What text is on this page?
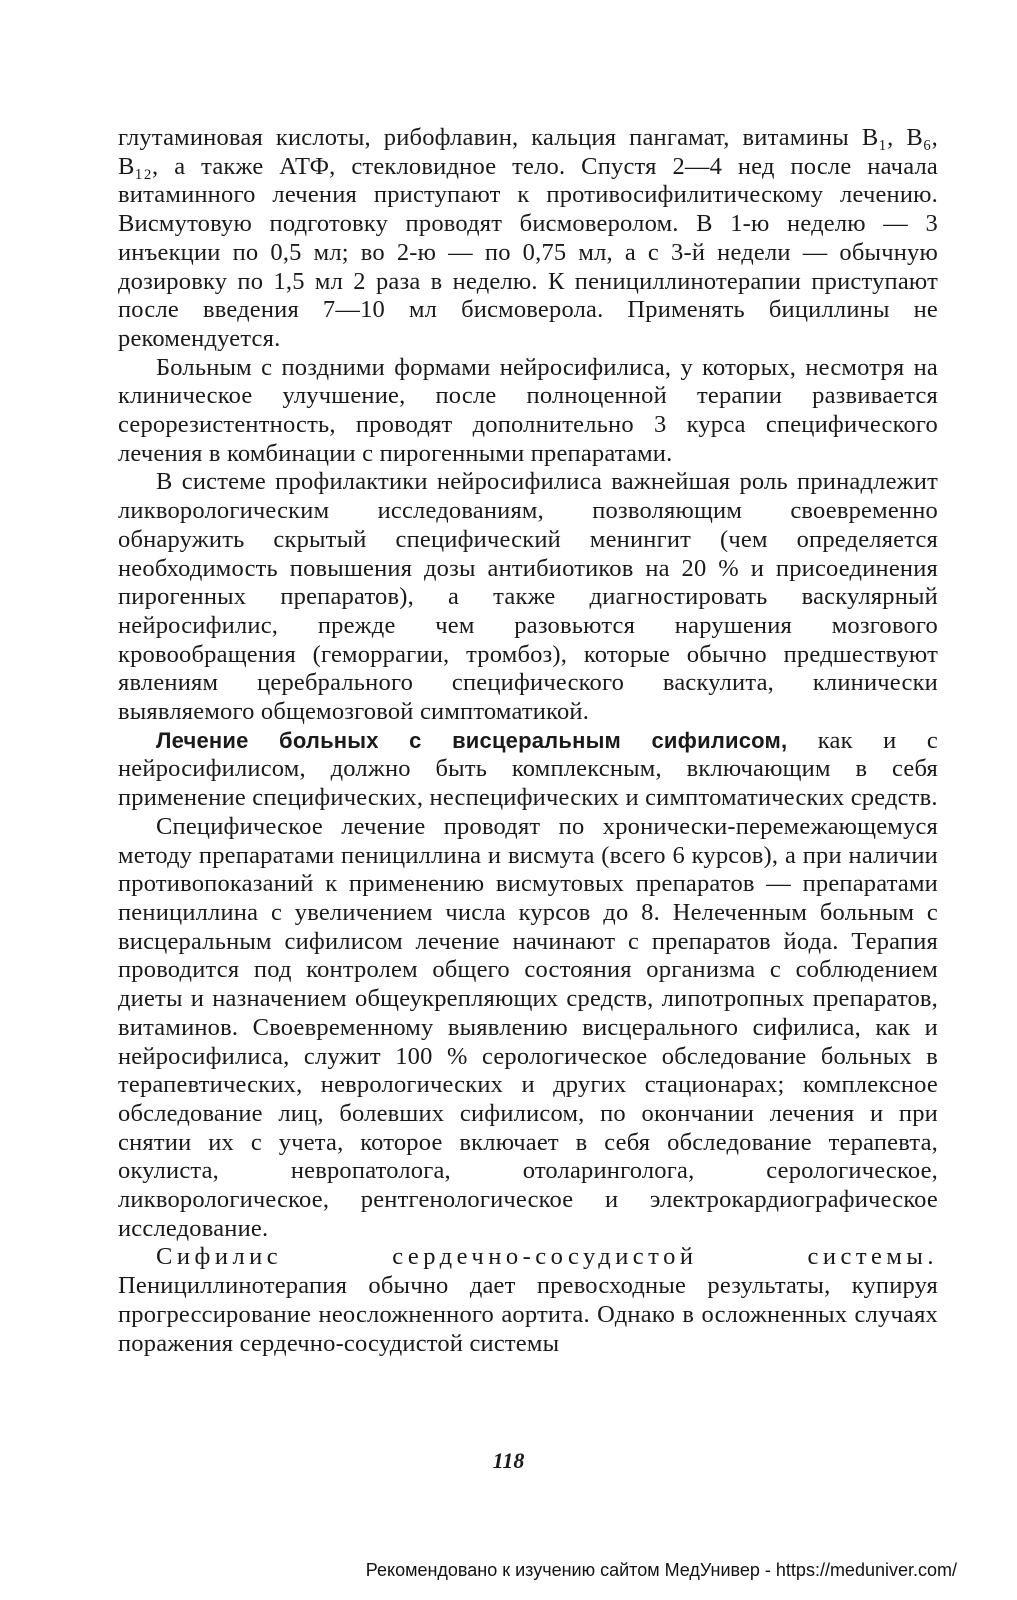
глутаминовая кислоты, рибофлавин, кальция пангамат, витамины B₁, B₆, B₁₂, а также АТФ, стекловидное тело. Спустя 2—4 нед после начала витаминного лечения приступают к противосифилитическому лечению. Висмутовую подготовку проводят бисмоверолом. В 1-ю неделю — 3 инъекции по 0,5 мл; во 2-ю — по 0,75 мл, а с 3-й недели — обычную дозировку по 1,5 мл 2 раза в неделю. К пенициллинотерапии приступают после введения 7—10 мл бисмоверола. Применять бициллины не рекомендуется.

Больным с поздними формами нейросифилиса, у которых, несмотря на клиническое улучшение, после полноценной терапии развивается серорезистентность, проводят дополнительно 3 курса специфического лечения в комбинации с пирогенными препаратами.

В системе профилактики нейросифилиса важнейшая роль принадлежит ликворологическим исследованиям, позволяющим своевременно обнаружить скрытый специфический менингит (чем определяется необходимость повышения дозы антибиотиков на 20 % и присоединения пирогенных препаратов), а также диагностировать васкулярный нейросифилис, прежде чем разовьются нарушения мозгового кровообращения (геморрагии, тромбоз), которые обычно предшествуют явлениям церебрального специфического васкулита, клинически выявляемого общемозговой симптоматикой.

Лечение больных с висцеральным сифилисом, как и с нейросифилисом, должно быть комплексным, включающим в себя применение специфических, неспецифических и симптоматических средств.

Специфическое лечение проводят по хронически-перемежающемуся методу препаратами пенициллина и висмута (всего 6 курсов), а при наличии противопоказаний к применению висмутовых препаратов — препаратами пенициллина с увеличением числа курсов до 8. Нелеченным больным с висцеральным сифилисом лечение начинают с препаратов йода. Терапия проводится под контролем общего состояния организма с соблюдением диеты и назначением общеукрепляющих средств, липотропных препаратов, витаминов. Своевременному выявлению висцерального сифилиса, как и нейросифилиса, служит 100 % серологическое обследование больных в терапевтических, неврологических и других стационарах; комплексное обследование лиц, болевших сифилисом, по окончании лечения и при снятии их с учета, которое включает в себя обследование терапевта, окулиста, невропатолога, отоларинголога, серологическое, ликворологическое, рентгенологическое и электрокардиографическое исследование.

Сифилис сердечно-сосудистой системы. Пенициллинотерапия обычно дает превосходные результаты, купируя прогрессирование неосложненного аортита. Однако в осложненных случаях поражения сердечно-сосудистой системы

118
Рекомендовано к изучению сайтом МедУнивер - https://meduniver.com/
